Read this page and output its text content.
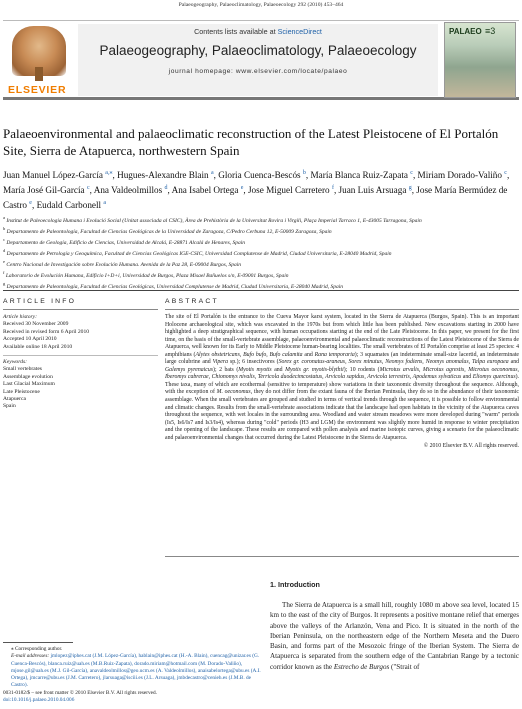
Palaeogeography, Palaeoclimatology, Palaeoecology 292 (2010) 453–464
ELSEVIER
Contents lists available at ScienceDirect
Palaeogeography, Palaeoclimatology, Palaeoecology
journal homepage: www.elsevier.com/locate/palaeo
PALAEO ≡3
Palaeoenvironmental and palaeoclimatic reconstruction of the Latest Pleistocene of El Portalón Site, Sierra de Atapuerca, northwestern Spain
Juan Manuel López-García $^{a,⁎}$, Hugues-Alexandre Blain $^a$, Gloria Cuenca-Bescós $^b$, María Blanca Ruiz-Zapata $^c$, Miriam Dorado-Valiño $^c$, María José Gil-García $^c$, Ana Valdeolmillos $^d$, Ana Isabel Ortega $^e$, Jose Miguel Carretero $^f$, Juan Luis Arsuaga $^g$, Jose María Bermúdez de Castro $^e$, Eudald Carbonell $^a$
$^a$ Institut de Paleoecologia Humana i Evolució Social (Unitat associada al CSIC), Àrea de Prehistòria de la Universitat Rovira i Virgili, Plaça Imperial Tarraco 1, E-43005 Tarragona, Spain
$^b$ Departamento de Paleontología, Facultad de Ciencias Geológicas de la Universidad de Zaragoza, C/Pedro Cerbuna 12, E-50009 Zaragoza, Spain
$^c$ Departamento de Geología, Edificio de Ciencias, Universidad de Alcalá, E-28871 Alcalá de Henares, Spain
$^d$ Departamento de Petrología y Geoquímica, Facultad de Ciencias Geológicas IGE-CSIC, Universidad Complutense de Madrid, Ciudad Universitaria, E-28040 Madrid, Spain
$^e$ Centro Nacional de Investigación sobre Evolución Humana. Avenida de la Paz 28, E-09004 Burgos, Spain
$^f$ Laboratorio de Evolución Humana, Edificio I+D+i, Universidad de Burgos, Plaza Misael Bañuelos s/n, E-09001 Burgos, Spain
$^g$ Departamento de Paleontología, Facultad de Ciencias Geológicas, Universidad Complutense de Madrid, Ciudad Universitaria, E-28040 Madrid, Spain
ARTICLE INFO
Article history:
Received 30 November 2009
Received in revised form 6 April 2010
Accepted 10 April 2010
Available online 18 April 2010
Keywords:
Small vertebrates
Assemblage evolution
Last Glacial Maximum
Late Pleistocene
Atapuerca
Spain
ABSTRACT
The site of El Portalón is the entrance to the Cueva Mayor karst system, located in the Sierra de Atapuerca (Burgos, Spain). This is an important Holocene archaeological site, which was excavated in the 1970s but from which little has been published. New excavations starting in 2000 have highlighted a deep stratigraphical sequence, with human occupations starting at the end of the Late Pleistocene. In this paper, we present for the first time, on the basis of the small-vertebrate assemblage, palaeoenvironmental and palaeoclimatic reconstructions of the Latest Pleistocene of the Sierra de Atapuerca, well known for its Early to Middle Pleistocene human-bearing localities. The small vertebrates of El Portalón comprise at least 25 species: 4 amphibians (Alytes obstetricans, Bufo bufo, Bufo calamita and Rana temporaria); 3 squamates (an indeterminate small-size lacertid, an indeterminate large colubrine and Vipera sp.); 6 insectivores (Sorex gr. coronatus-araneus, Sorex minutus, Neomys fodiens, Neomys anomalus, Talpa europaea and Galemys pyrenaicus); 2 bats (Myotis myotis and Myotis gr. myotis-blythii); 10 rodents (Microtus arvalis, Microtus agrestis, Microtus oeconomus, Iberomys cabrerae, Chionomys nivalis, Terricola duodecimcostatus, Arvicola sapidus, Arvicola terrestris, Apodemus sylvaticus and Eliomys quercinus). These taxa, many of which are ecothermal (sensitive to temperature) show variations in their taxonomic diversity throughout the sequence. Although, with the exception of M. oeconomus, they do not differ from the extant fauna of the Iberian Peninsula, they do so in the abundance of their taxonomic assemblage. When the small vertebrates are grouped and studied in terms of vertical trends through the sequence, it is possible to follow environmental and climatic changes. Results from the small-vertebrate associations indicate that the landscape had open habitats in the vicinity of the Atapuerca caves throughout the sequence, with wet locales in the surrounding area. Woodland and water stream meadows were more developed during "warm" periods (Is5, Is6/Is7 and Is3/Is4), whereas during "cold" periods (H3 and LGM) the environment was slightly more humid in response to winter precipitation and the opening of the landscape. These results are compared with pollen analysis and marine isotopic curves, giving a scenario for the palaeoclimatic and palaeoenvironmental changes that occurred during the Latest Pleistocene in the Sierra de Atapuerca.
© 2010 Elsevier B.V. All rights reserved.
1. Introduction
The Sierra de Atapuerca is a small hill, roughly 1080 m above sea level, located 15 km to the east of the city of Burgos. It represents a positive montane relief that emerges above the valleys of the Arlanzón, Vena and Pico. It is situated in the north of the Iberian Peninsula, on the northeastern edge of the Northern Meseta and the Duero Basin, and forms part of the Mesozoic fringe of the Iberian System. The Sierra de Atapuerca is separated from the southern edge of the Cantabrian Range by a tectonic corridor known as the Estrecho de Burgos ("Strait of
⁎ Corresponding author.
E-mail addresses: jmlopez@iphes.cat (J.M. López-García), hablain@iphes.cat (H.-A. Blain), cuencag@unizar.es (G. Cuenca-Bescós), blanca.ruiz@uah.es (M.B.Ruiz-Zapata), dorado.miriam@hotmail.com (M. Dorado-Valiño), mjose.gil@uah.es (M.J. Gil-García), anavaldeolmillos@geo.ucm.es (A. Valdeolmillos), anaisabelortega@ubu.es (A.I. Ortega), jmcarre@ubu.es (J.M. Carretero), jlarsuaga@isciii.es (J.L. Arsuaga), jmbdecastro@cenieh.es (J.M.B. de Castro).
0031-0182/$ – see front matter © 2010 Elsevier B.V. All rights reserved.
doi:10.1016/j.palaeo.2010.04.006
